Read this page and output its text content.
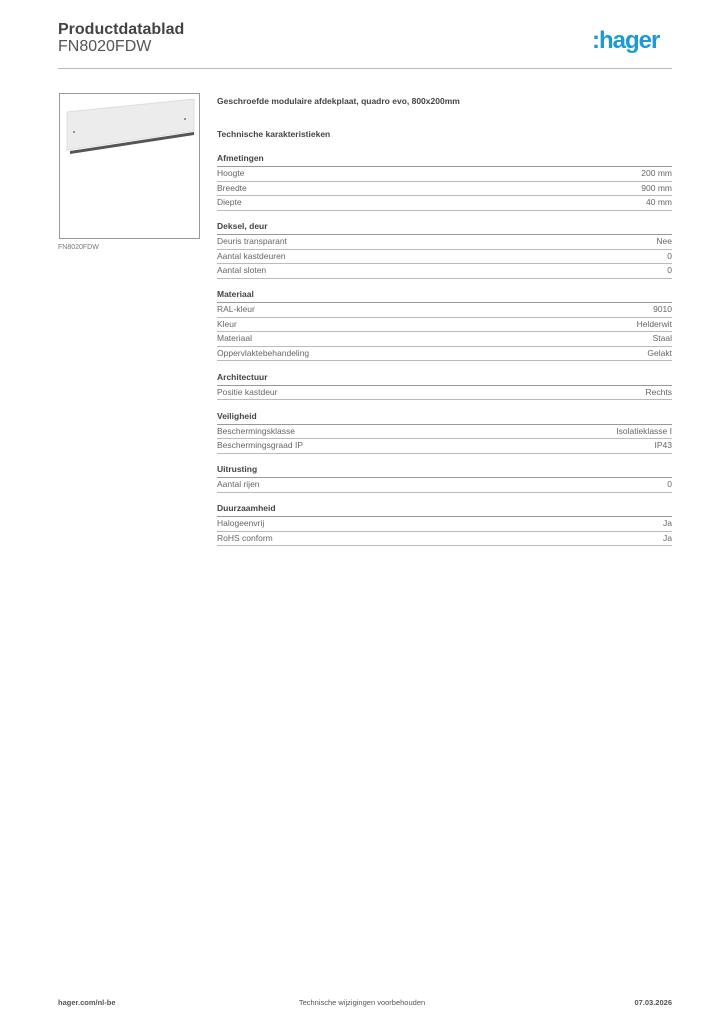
Productdatablad
FN8020FDW	:hager
FN8020FDW
Geschroefde modulaire afdekplaat, quadro evo, 800x200mm
Technische karakteristieken
Afmetingen
Hoogte	200 mm
Breedte	900 mm
Diepte	40 mm
Deksel, deur
Deuris transparant	Nee
Aantal kastdeuren	0
Aantal sloten	0
Materiaal
RAL-kleur	9010
Kleur	Helderwit
Materiaal	Staal
Oppervlaktebehandeling	Gelakt
Architectuur
Positie kastdeur	Rechts
Veiligheid
Beschermingsklasse	Isolatieklasse I
Beschermingsgraad IP	IP43
Uitrusting
Aantal rijen	0
Duurzaamheid
Halogeenvrij	Ja
RoHS conform	Ja
hager.com/nl-be	Technische wijzigingen voorbehouden	07.03.2026
